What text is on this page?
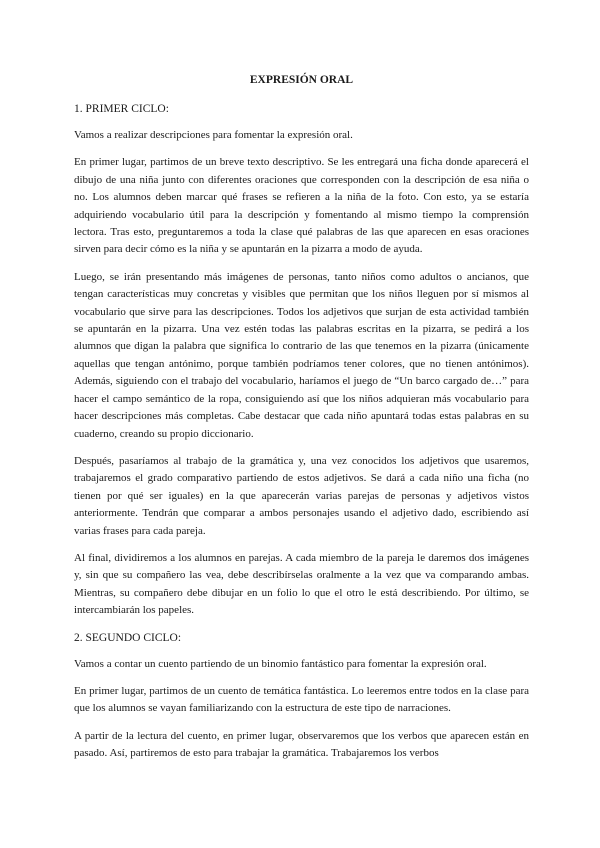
EXPRESIÓN ORAL
1. PRIMER CICLO:

Vamos a realizar descripciones para fomentar la expresión oral.

En primer lugar, partimos de un breve texto descriptivo. Se les entregará una ficha donde aparecerá el dibujo de una niña junto con diferentes oraciones que corresponden con la descripción de esa niña o no. Los alumnos deben marcar qué frases se refieren a la niña de la foto. Con esto, ya se estaría adquiriendo vocabulario útil para la descripción y fomentando al mismo tiempo la comprensión lectora. Tras esto, preguntaremos a toda la clase qué palabras de las que aparecen en esas oraciones sirven para decir cómo es la niña y se apuntarán en la pizarra a modo de ayuda.

Luego, se irán presentando más imágenes de personas, tanto niños como adultos o ancianos, que tengan características muy concretas y visibles que permitan que los niños lleguen por sí mismos al vocabulario que sirve para las descripciones. Todos los adjetivos que surjan de esta actividad también se apuntarán en la pizarra. Una vez estén todas las palabras escritas en la pizarra, se pedirá a los alumnos que digan la palabra que significa lo contrario de las que tenemos en la pizarra (únicamente aquellas que tengan antónimo, porque también podríamos tener colores, que no tienen antónimos). Además, siguiendo con el trabajo del vocabulario, haríamos el juego de “Un barco cargado de…” para hacer el campo semántico de la ropa, consiguiendo así que los niños adquieran más vocabulario para hacer descripciones más completas. Cabe destacar que cada niño apuntará todas estas palabras en su cuaderno, creando su propio diccionario.

Después, pasaríamos al trabajo de la gramática y, una vez conocidos los adjetivos que usaremos, trabajaremos el grado comparativo partiendo de estos adjetivos. Se dará a cada niño una ficha (no tienen por qué ser iguales) en la que aparecerán varias parejas de personas y adjetivos vistos anteriormente. Tendrán que comparar a ambos personajes usando el adjetivo dado, escribiendo así varias frases para cada pareja.

Al final, dividiremos a los alumnos en parejas. A cada miembro de la pareja le daremos dos imágenes y, sin que su compañero las vea, debe describírselas oralmente a la vez que va comparando ambas. Mientras, su compañero debe dibujar en un folio lo que el otro le está describiendo. Por último, se intercambiarán los papeles.

2. SEGUNDO CICLO:

Vamos a contar un cuento partiendo de un binomio fantástico para fomentar la expresión oral.

En primer lugar, partimos de un cuento de temática fantástica. Lo leeremos entre todos en la clase para que los alumnos se vayan familiarizando con la estructura de este tipo de narraciones.

A partir de la lectura del cuento, en primer lugar, observaremos que los verbos que aparecen están en pasado. Así, partiremos de esto para trabajar la gramática. Trabajaremos los verbos
